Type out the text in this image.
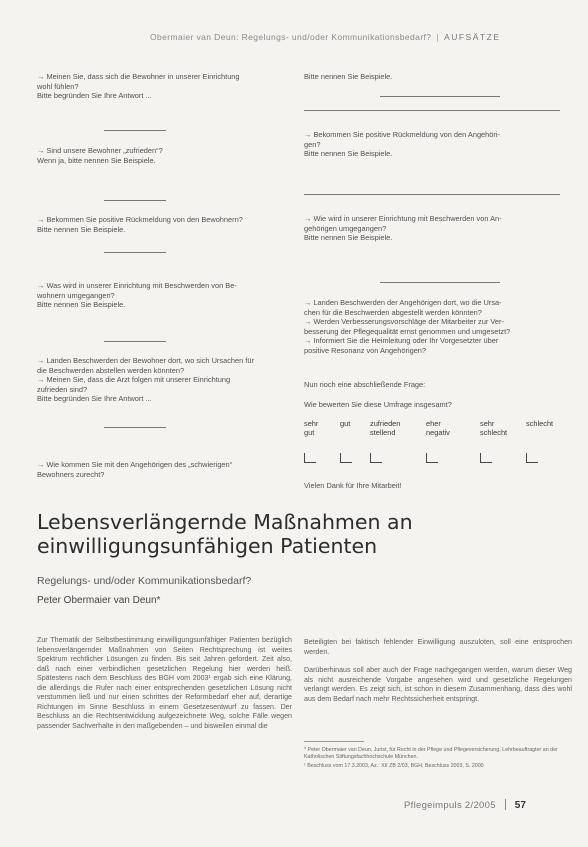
Obermaier van Deun: Regelungs- und/oder Kommunikationsbedarf? | AUFSÄTZE

→ Meinen Sie, dass sich die Bewohner in unserer Einrichtung

wohl fühlen?

Bitte begründen Sie Ihre Antwort ...

→ Sind unsere Bewohner „zufrieden“?

Wenn ja, bitte nennen Sie Beispiele.

→ Bekommen Sie positive Rückmeldung von den Bewohnern?

Bitte nennen Sie Beispiele.

→ Was wird in unserer Einrichtung mit Beschwerden von Be-

wohnern umgegangen?

Bitte nennen Sie Beispiele.

→ Landen Beschwerden der Bewohner dort, wo sich Ursachen für

die Beschwerden abstellen werden könnten?

→ Meinen Sie, dass die Arzt folgen mit unserer Einrichtung

zufrieden sind?

Bitte begründen Sie Ihre Antwort ...

→ Wie kommen Sie mit den Angehörigen des „schwierigen“

Bewohners zurecht?

Bitte nennen Sie Beispiele.

→ Bekommen Sie positive Rückmeldung von den Angehöri-

gen?

Bitte nennen Sie Beispiele.

→ Wie wird in unserer Einrichtung mit Beschwerden von An-

gehörigen umgegangen?

Bitte nennen Sie Beispiele.

→ Landen Beschwerden der Angehörigen dort, wo die Ursa-

chen für die Beschwerden abgestellt werden könnten?

→ Werden Verbesserungsvorschläge der Mitarbeiter zur Ver-

besserung der Pflegequalität ernst genommen und umgesetzt?

→ Informiert Sie die Heimleitung oder Ihr Vorgesetzter über

positive Resonanz von Angehörigen?

Nun noch eine abschließende Frage:

Wie bewerten Sie diese Umfrage insgesamt?

sehr
gut
gut	zufrieden
stellend
eher
negativ
sehr
schlecht
schlecht
Vielen Dank für Ihre Mitarbeit!
Lebensverlängernde Maßnahmen an einwilligungsunfähigen Patienten
Regelungs- und/oder Kommunikationsbedarf?
Peter Obermaier van Deun*

Zur Thematik der Selbstbestimmung einwilligungsunfähiger Patienten bezüglich lebensverlängernder Maßnahmen von Seiten Rechtsprechung ist weites Spektrum rechtlicher Lösungen zu finden. Bis seit Jahren gefordert. Zeit also, daß nach einer verbindlichen gesetzlichen Regelung hier werden heiß. Spätestens nach dem Beschluss des BGH vom 2003¹ ergab sich eine Klärung, die allerdings die Rufer nach einer entsprechenden gesetzlichen Lösung nicht verstummen ließ und nur einen schrittes der Reformbedarf eher auf, derartige Richtungen im Sinne Beschluss in einem Gesetzesentwurf zu fassen. Der Beschluss an die Rechtsentwicklung aufgezeichnete Weg, solche Fälle wegen passender Sachverhalte in den maßgebenden – und bisweilen einmal die

Beteiligten bei faktisch fehlender Einwilligung auszuloten, soll eine entsprochen werden.

Darüberhinaus soll aber auch der Frage nachgegangen werden, warum dieser Weg als nicht ausreichende Vorgabe angesehen wird und gesetzliche Regelungen verlangt werden. Es zeigt sich, ist schon in diesem Zusammenhang, dass dies wohl aus dem Bedarf nach mehr Rechtssicherheit entspringt.

* Peter Obermaier van Deun, Jurist, für Recht in der Pflege und Pflegeversicherung, Lehrbeauftragter an der Katholischen Stiftungsfachhochschule München.

¹ Beschluss vom 17.3.2003, Az.: XII ZB 2/03, BGH, Beschluss 2003, S. 2000

Pflegeimpuls 2/2005 57
